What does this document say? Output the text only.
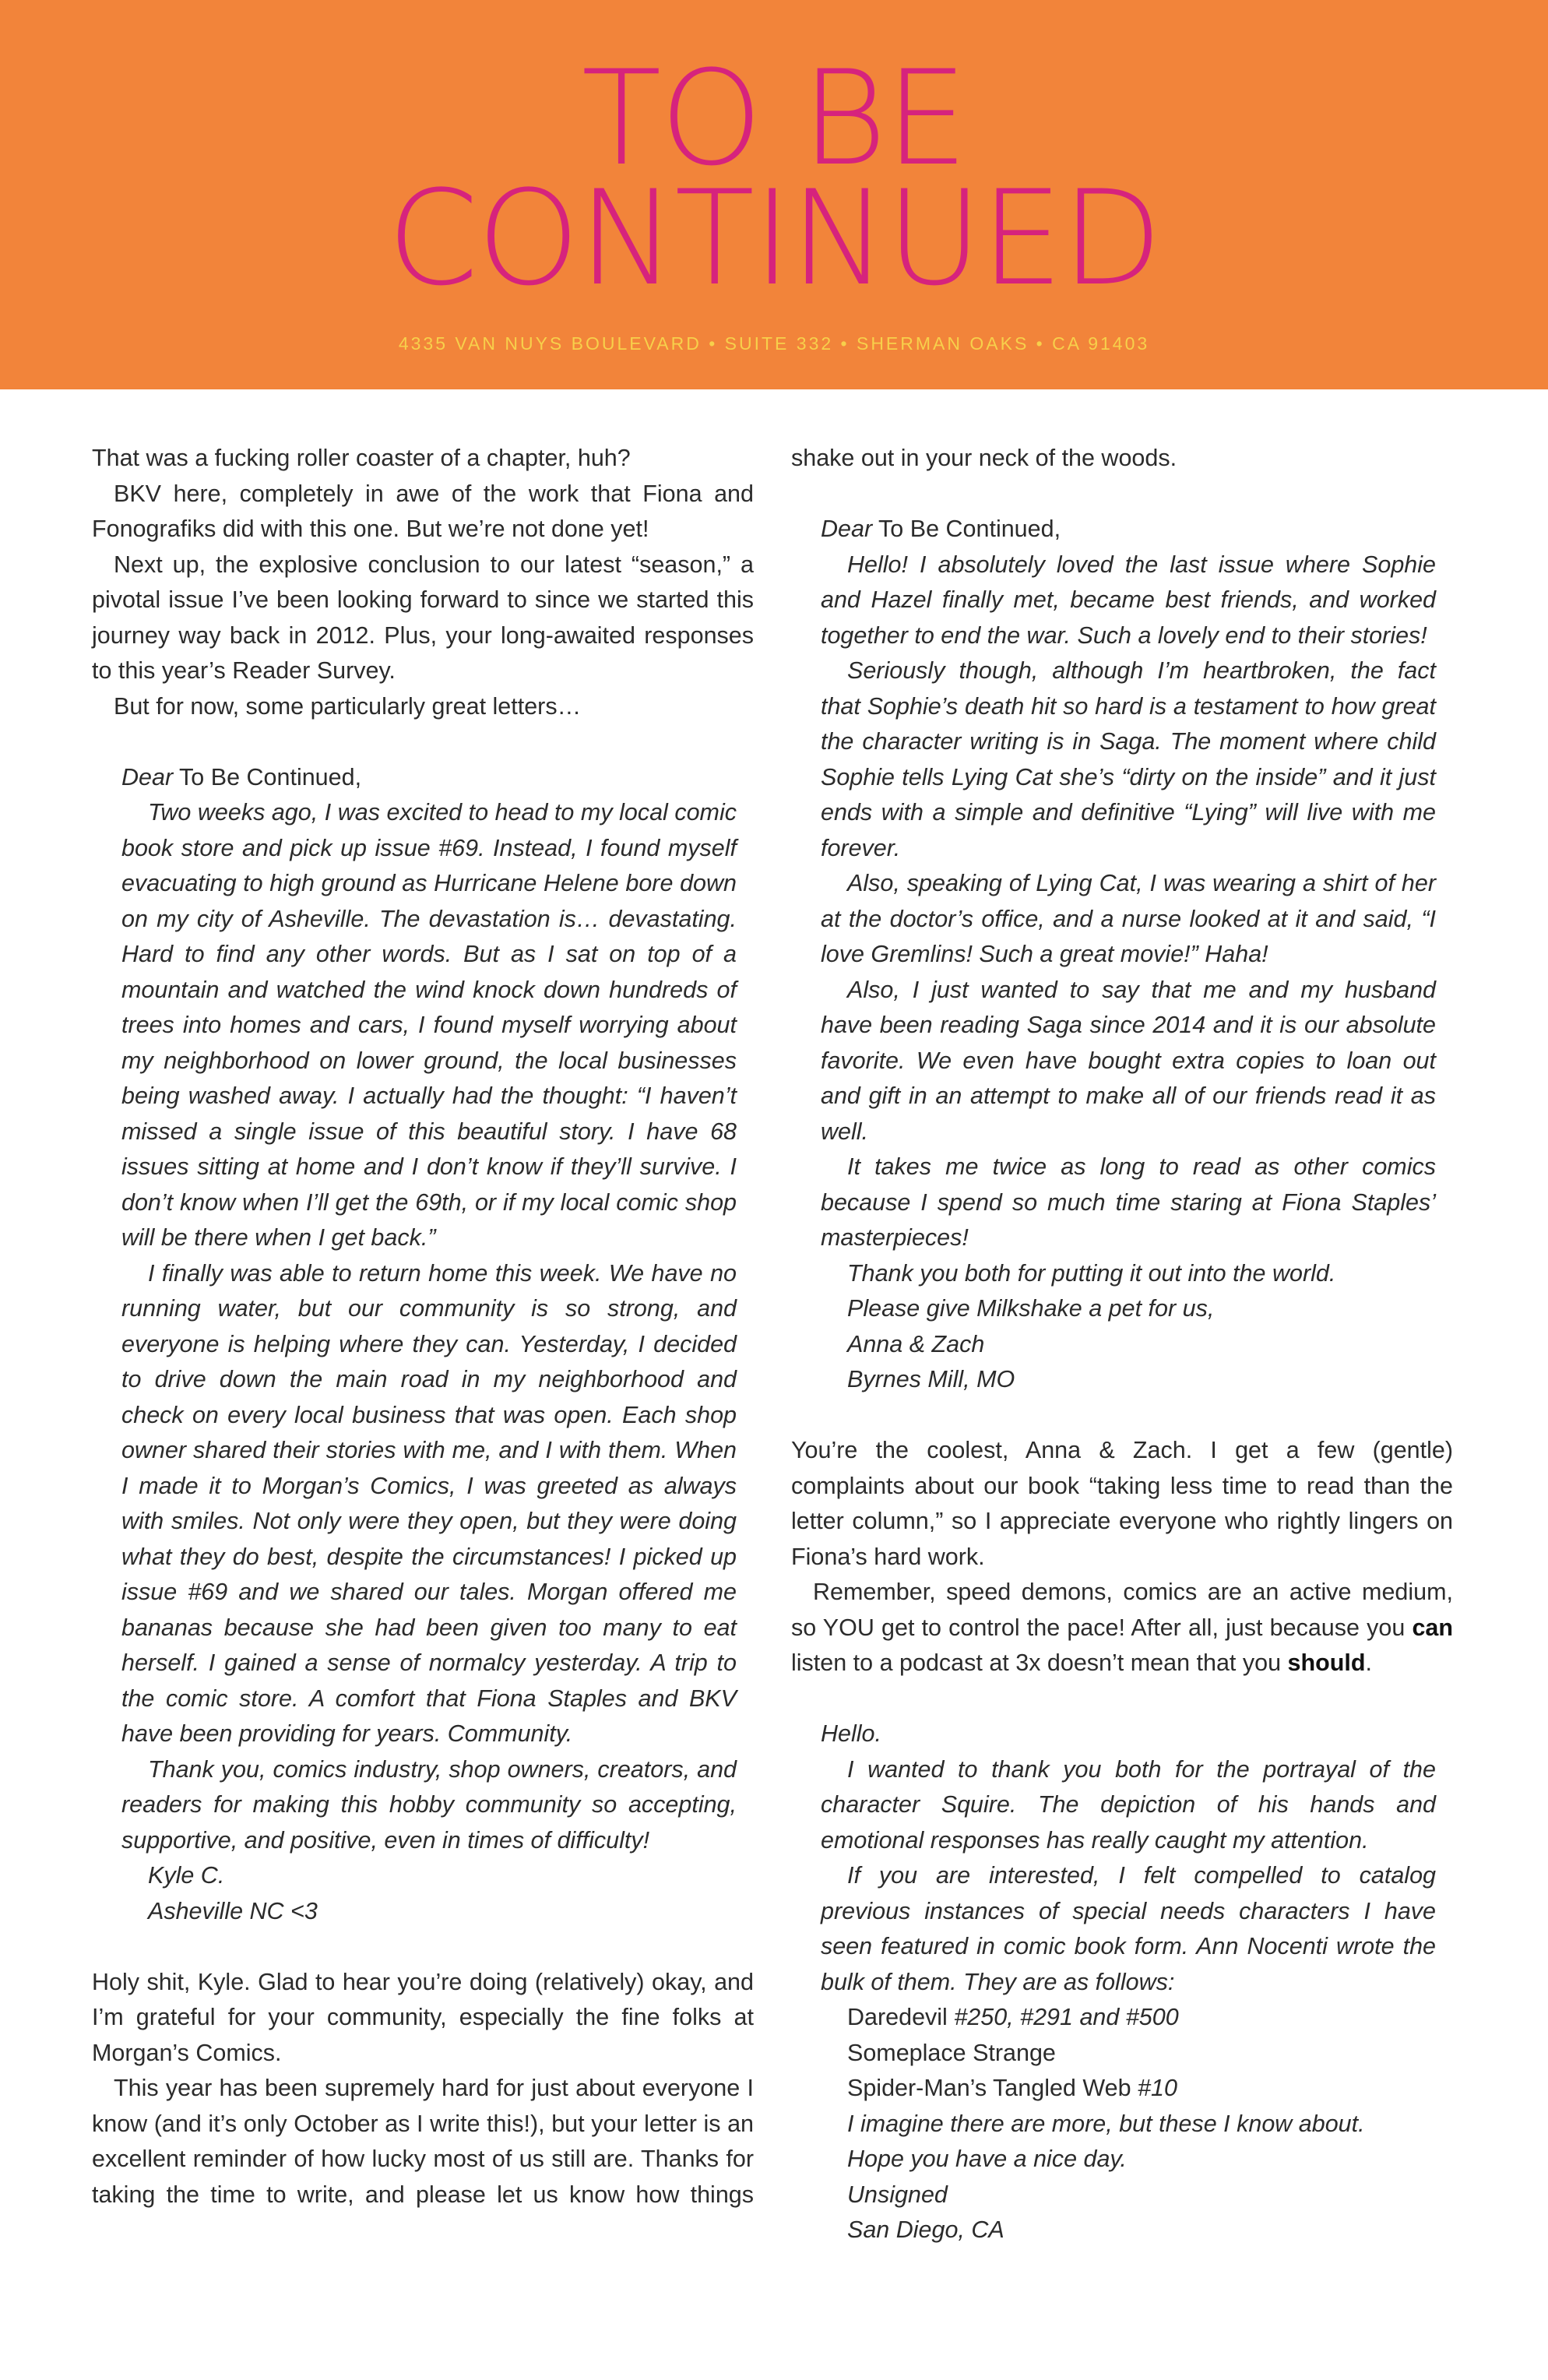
TO BE
CONTINUED
4335 VAN NUYS BOULEVARD • SUITE 332 • SHERMAN OAKS • CA 91403

That was a fucking roller coaster of a chapter, huh?

BKV here, completely in awe of the work that Fiona and Fonografiks did with this one. But we’re not done yet!

Next up, the explosive conclusion to our latest “season,” a pivotal issue I’ve been looking forward to since we started this journey way back in 2012. Plus, your long-awaited responses to this year’s Reader Survey.

But for now, some particularly great letters…

Dear To Be Continued,

Two weeks ago, I was excited to head to my local comic book store and pick up issue #69. Instead, I found myself evacuating to high ground as Hurricane Helene bore down on my city of Asheville. The devastation is… devastating. Hard to find any other words. But as I sat on top of a mountain and watched the wind knock down hundreds of trees into homes and cars, I found myself worrying about my neighborhood on lower ground, the local businesses being washed away. I actually had the thought: “I haven’t missed a single issue of this beautiful story. I have 68 issues sitting at home and I don’t know if they’ll survive. I don’t know when I’ll get the 69th, or if my local comic shop will be there when I get back.”

I finally was able to return home this week. We have no running water, but our community is so strong, and everyone is helping where they can. Yesterday, I decided to drive down the main road in my neighborhood and check on every local business that was open. Each shop owner shared their stories with me, and I with them. When I made it to Morgan’s Comics, I was greeted as always with smiles. Not only were they open, but they were doing what they do best, despite the circumstances! I picked up issue #69 and we shared our tales. Morgan offered me bananas because she had been given too many to eat herself. I gained a sense of normalcy yesterday. A trip to the comic store. A comfort that Fiona Staples and BKV have been providing for years. Community.

Thank you, comics industry, shop owners, creators, and readers for making this hobby community so accepting, supportive, and positive, even in times of difficulty!

Kyle C.

Asheville NC <3

Holy shit, Kyle. Glad to hear you’re doing (relatively) okay, and I’m grateful for your community, especially the fine folks at Morgan’s Comics.

This year has been supremely hard for just about everyone I know (and it’s only October as I write this!), but your letter is an excellent reminder of how lucky most of us still are. Thanks for taking the time to write, and please let us know how things

shake out in your neck of the woods.

Dear To Be Continued,

Hello! I absolutely loved the last issue where Sophie and Hazel finally met, became best friends, and worked together to end the war. Such a lovely end to their stories!

Seriously though, although I’m heartbroken, the fact that Sophie’s death hit so hard is a testament to how great the character writing is in Saga. The moment where child Sophie tells Lying Cat she’s “dirty on the inside” and it just ends with a simple and definitive “Lying” will live with me forever.

Also, speaking of Lying Cat, I was wearing a shirt of her at the doctor’s office, and a nurse looked at it and said, “I love Gremlins! Such a great movie!” Haha!

Also, I just wanted to say that me and my husband have been reading Saga since 2014 and it is our absolute favorite. We even have bought extra copies to loan out and gift in an attempt to make all of our friends read it as well.

It takes me twice as long to read as other comics because I spend so much time staring at Fiona Staples’ masterpieces!

Thank you both for putting it out into the world.

Please give Milkshake a pet for us,

Anna & Zach

Byrnes Mill, MO

You’re the coolest, Anna & Zach. I get a few (gentle) complaints about our book “taking less time to read than the letter column,” so I appreciate everyone who rightly lingers on Fiona’s hard work.

Remember, speed demons, comics are an active medium, so YOU get to control the pace! After all, just because you can listen to a podcast at 3x doesn’t mean that you should.

Hello.

I wanted to thank you both for the portrayal of the character Squire. The depiction of his hands and emotional responses has really caught my attention.

If you are interested, I felt compelled to catalog previous instances of special needs characters I have seen featured in comic book form. Ann Nocenti wrote the bulk of them. They are as follows:

Daredevil #250, #291 and #500

Someplace Strange

Spider-Man’s Tangled Web #10

I imagine there are more, but these I know about.

Hope you have a nice day.

Unsigned

San Diego, CA
